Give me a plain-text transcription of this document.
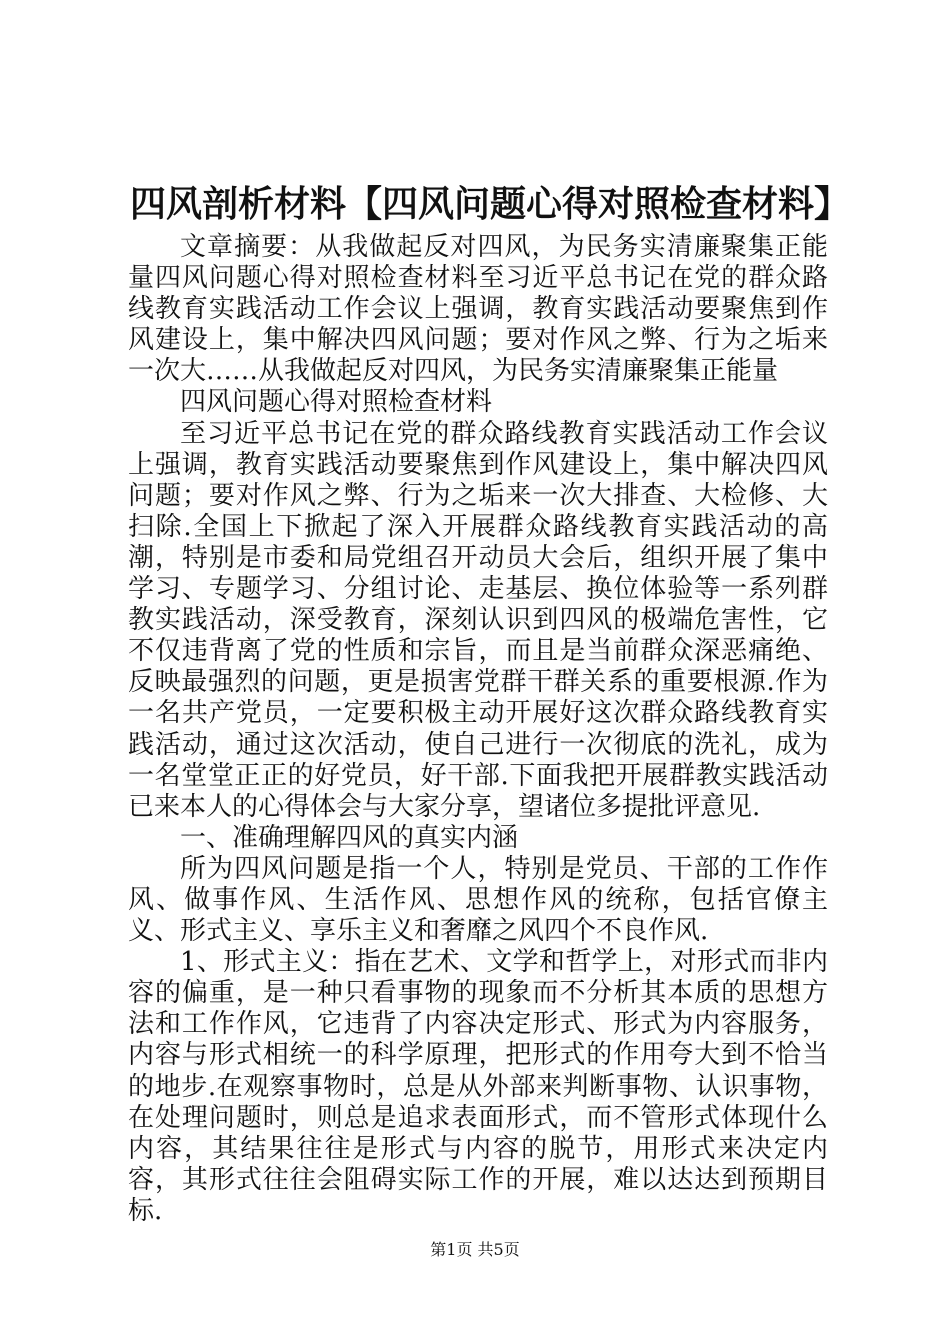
四风剖析材料【四风问题心得对照检查材料】

文章摘要：从我做起反对四风，为民务实清廉聚集正能量四风问题心得对照检查材料至习近平总书记在党的群众路线教育实践活动工作会议上强调，教育实践活动要聚焦到作风建设上，集中解决四风问题；要对作风之弊、行为之垢来一次大……从我做起反对四风，为民务实清廉聚集正能量

四风问题心得对照检查材料

至习近平总书记在党的群众路线教育实践活动工作会议上强调，教育实践活动要聚焦到作风建设上，集中解决四风问题；要对作风之弊、行为之垢来一次大排查、大检修、大扫除.全国上下掀起了深入开展群众路线教育实践活动的高潮，特别是市委和局党组召开动员大会后，组织开展了集中学习、专题学习、分组讨论、走基层、换位体验等一系列群教实践活动，深受教育，深刻认识到四风的极端危害性，它不仅违背离了党的性质和宗旨，而且是当前群众深恶痛绝、反映最强烈的问题，更是损害党群干群关系的重要根源.作为一名共产党员，一定要积极主动开展好这次群众路线教育实践活动，通过这次活动，使自己进行一次彻底的洗礼，成为一名堂堂正正的好党员，好干部.下面我把开展群教实践活动已来本人的心得体会与大家分享，望诸位多提批评意见.

一、准确理解四风的真实内涵

所为四风问题是指一个人，特别是党员、干部的工作作风、做事作风、生活作风、思想作风的统称，包括官僚主义、形式主义、享乐主义和奢靡之风四个不良作风.

1、形式主义：指在艺术、文学和哲学上，对形式而非内容的偏重，是一种只看事物的现象而不分析其本质的思想方法和工作作风，它违背了内容决定形式、形式为内容服务，内容与形式相统一的科学原理，把形式的作用夸大到不恰当的地步.在观察事物时，总是从外部来判断事物、认识事物，在处理问题时，则总是追求表面形式，而不管形式体现什么内容，其结果往往是形式与内容的脱节，用形式来决定内容，其形式往往会阻碍实际工作的开展，难以达达到预期目标.

第1页 共5页
